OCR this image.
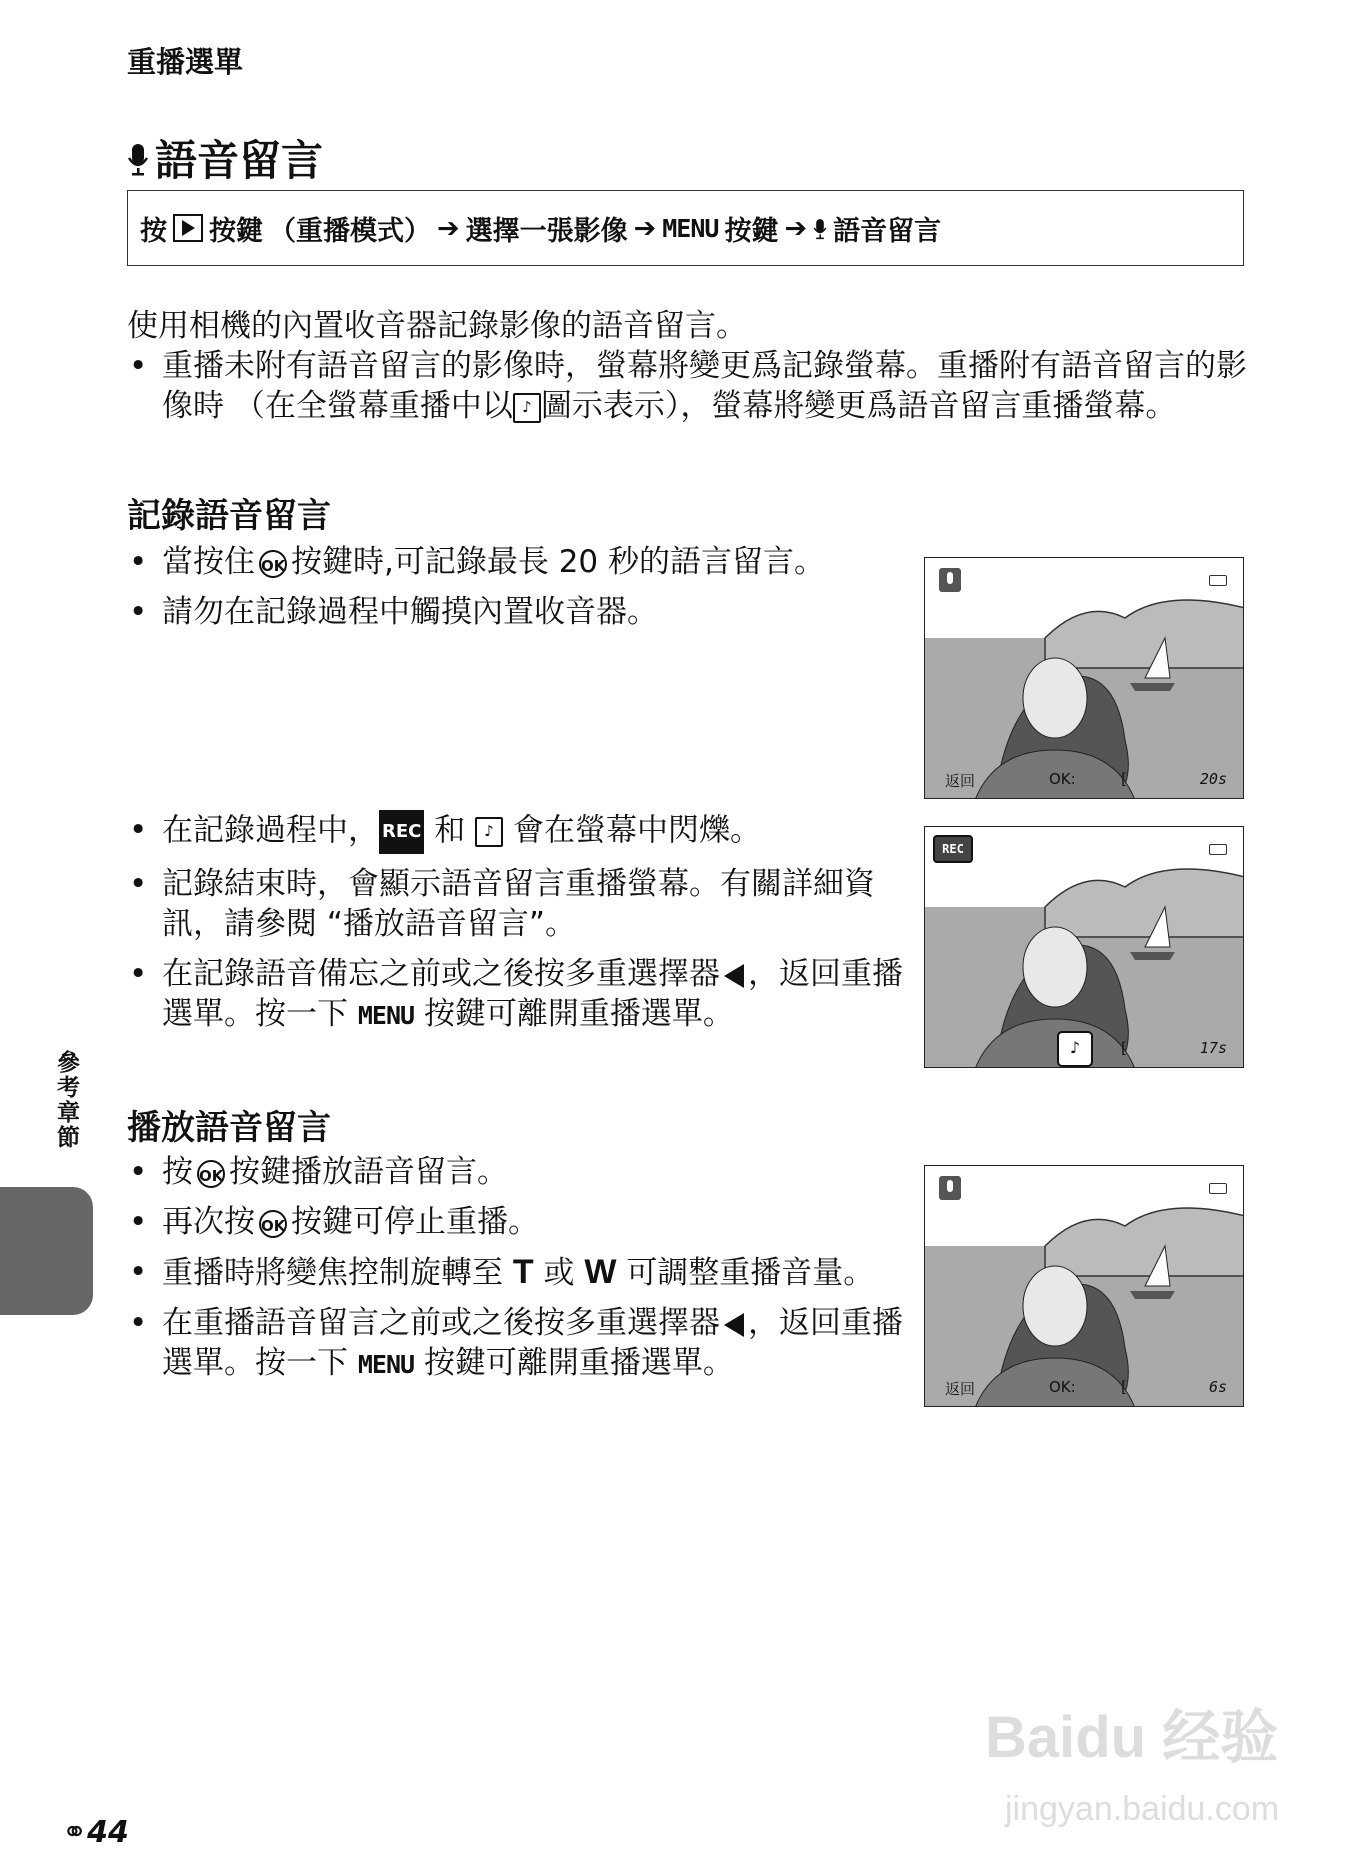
重播選單
語音留言
按 按鍵 （重播模式） ➔ 選擇一張影像 ➔ MENU 按鍵 ➔ 語音留言
使用相機的內置收音器記錄影像的語音留言。
• 重播未附有語音留言的影像時，螢幕將變更爲記錄螢幕。重播附有語音留言的影像時 （在全螢幕重播中以 ♪ 圖示表示），螢幕將變更爲語音留言重播螢幕。
記錄語音留言
• 當按住 OK 按鍵時,可記錄最長 20 秒的語言留言。
• 請勿在記錄過程中觸摸內置收音器。
• 在記錄過程中， REC 和 ♪ 會在螢幕中閃爍。
• 記錄結束時，會顯示語音留言重播螢幕。有關詳細資訊，請參閱 “播放語音留言”。
• 在記錄語音備忘之前或之後按多重選擇器 ，返回重播選單。按一下 MENU 按鍵可離開重播選單。
播放語音留言
• 按 OK 按鍵播放語音留言。
• 再次按 OK 按鍵可停止重播。
• 重播時將變焦控制旋轉至 T 或 W 可調整重播音量。
• 在重播語音留言之前或之後按多重選擇器 ，返回重播選單。按一下 MENU 按鍵可離開重播選單。
返回	OK:	[	20s
REC
♪	[	17s
返回	OK:	[	6s
參考章節
⚭44
Baidu 经验
jingyan.baidu.com
